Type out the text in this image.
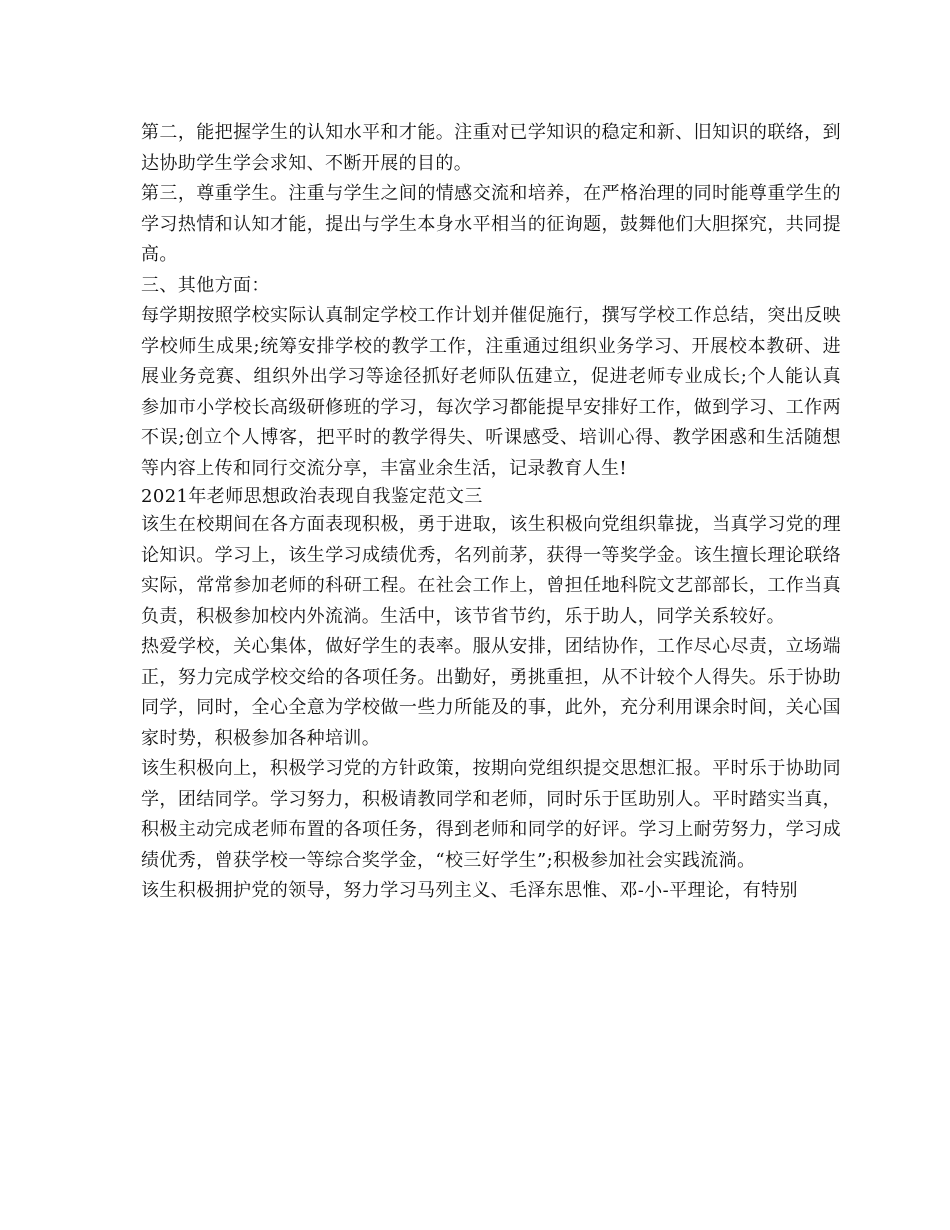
第二，能把握学生的认知水平和才能。注重对已学知识的稳定和新、旧知识的联络，到达协助学生学会求知、不断开展的目的。

第三，尊重学生。注重与学生之间的情感交流和培养，在严格治理的同时能尊重学生的学习热情和认知才能，提出与学生本身水平相当的征询题，鼓舞他们大胆探究，共同提高。

三、其他方面：

每学期按照学校实际认真制定学校工作计划并催促施行，撰写学校工作总结，突出反映学校师生成果;统筹安排学校的教学工作，注重通过组织业务学习、开展校本教研、进展业务竞赛、组织外出学习等途径抓好老师队伍建立，促进老师专业成长;个人能认真参加市小学校长高级研修班的学习，每次学习都能提早安排好工作，做到学习、工作两不误;创立个人博客，把平时的教学得失、听课感受、培训心得、教学困惑和生活随想等内容上传和同行交流分享，丰富业余生活，记录教育人生!

2021年老师思想政治表现自我鉴定范文三

该生在校期间在各方面表现积极，勇于进取，该生积极向党组织靠拢，当真学习党的理论知识。学习上，该生学习成绩优秀，名列前茅，获得一等奖学金。该生擅长理论联络实际，常常参加老师的科研工程。在社会工作上，曾担任地科院文艺部部长，工作当真负责，积极参加校内外流淌。生活中，该节省节约，乐于助人，同学关系较好。

热爱学校，关心集体，做好学生的表率。服从安排，团结协作，工作尽心尽责，立场端正，努力完成学校交给的各项任务。出勤好，勇挑重担，从不计较个人得失。乐于协助同学，同时，全心全意为学校做一些力所能及的事，此外，充分利用课余时间，关心国家时势，积极参加各种培训。

该生积极向上，积极学习党的方针政策，按期向党组织提交思想汇报。平时乐于协助同学，团结同学。学习努力，积极请教同学和老师，同时乐于匡助别人。平时踏实当真，积极主动完成老师布置的各项任务，得到老师和同学的好评。学习上耐劳努力，学习成绩优秀，曾获学校一等综合奖学金，“校三好学生”;积极参加社会实践流淌。

该生积极拥护党的领导，努力学习马列主义、毛泽东思惟、邓-小-平理论，有特别
